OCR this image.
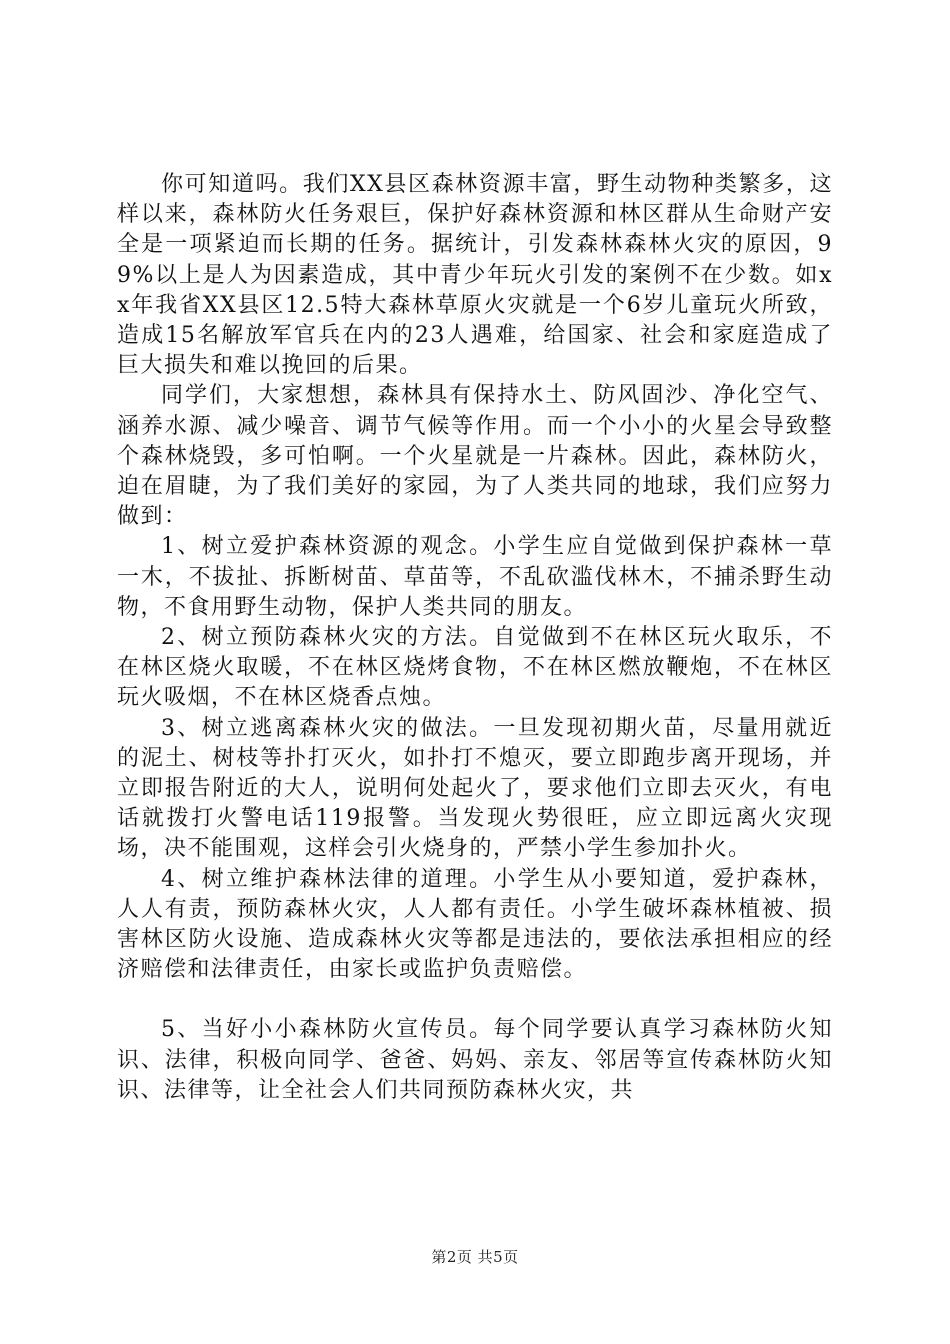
你可知道吗。我们XX县区森林资源丰富，野生动物种类繁多，这样以来，森林防火任务艰巨，保护好森林资源和林区群从生命财产安全是一项紧迫而长期的任务。据统计，引发森林森林火灾的原因，99%以上是人为因素造成，其中青少年玩火引发的案例不在少数。如xx年我省XX县区12.5特大森林草原火灾就是一个6岁儿童玩火所致，造成15名解放军官兵在内的23人遇难，给国家、社会和家庭造成了巨大损失和难以挽回的后果。

同学们，大家想想，森林具有保持水土、防风固沙、净化空气、涵养水源、减少噪音、调节气候等作用。而一个小小的火星会导致整个森林烧毁，多可怕啊。一个火星就是一片森林。因此，森林防火，迫在眉睫，为了我们美好的家园，为了人类共同的地球，我们应努力做到：

1、树立爱护森林资源的观念。小学生应自觉做到保护森林一草一木，不拔扯、拆断树苗、草苗等，不乱砍滥伐林木，不捕杀野生动物，不食用野生动物，保护人类共同的朋友。

2、树立预防森林火灾的方法。自觉做到不在林区玩火取乐，不在林区烧火取暖，不在林区烧烤食物，不在林区燃放鞭炮，不在林区玩火吸烟，不在林区烧香点烛。

3、树立逃离森林火灾的做法。一旦发现初期火苗，尽量用就近的泥土、树枝等扑打灭火，如扑打不熄灭，要立即跑步离开现场，并立即报告附近的大人，说明何处起火了，要求他们立即去灭火，有电话就拨打火警电话119报警。当发现火势很旺，应立即远离火灾现场，决不能围观，这样会引火烧身的，严禁小学生参加扑火。

4、树立维护森林法律的道理。小学生从小要知道，爱护森林，人人有责，预防森林火灾，人人都有责任。小学生破坏森林植被、损害林区防火设施、造成森林火灾等都是违法的，要依法承担相应的经济赔偿和法律责任，由家长或监护负责赔偿。

5、当好小小森林防火宣传员。每个同学要认真学习森林防火知识、法律，积极向同学、爸爸、妈妈、亲友、邻居等宣传森林防火知识、法律等，让全社会人们共同预防森林火灾，共

第2页 共5页
